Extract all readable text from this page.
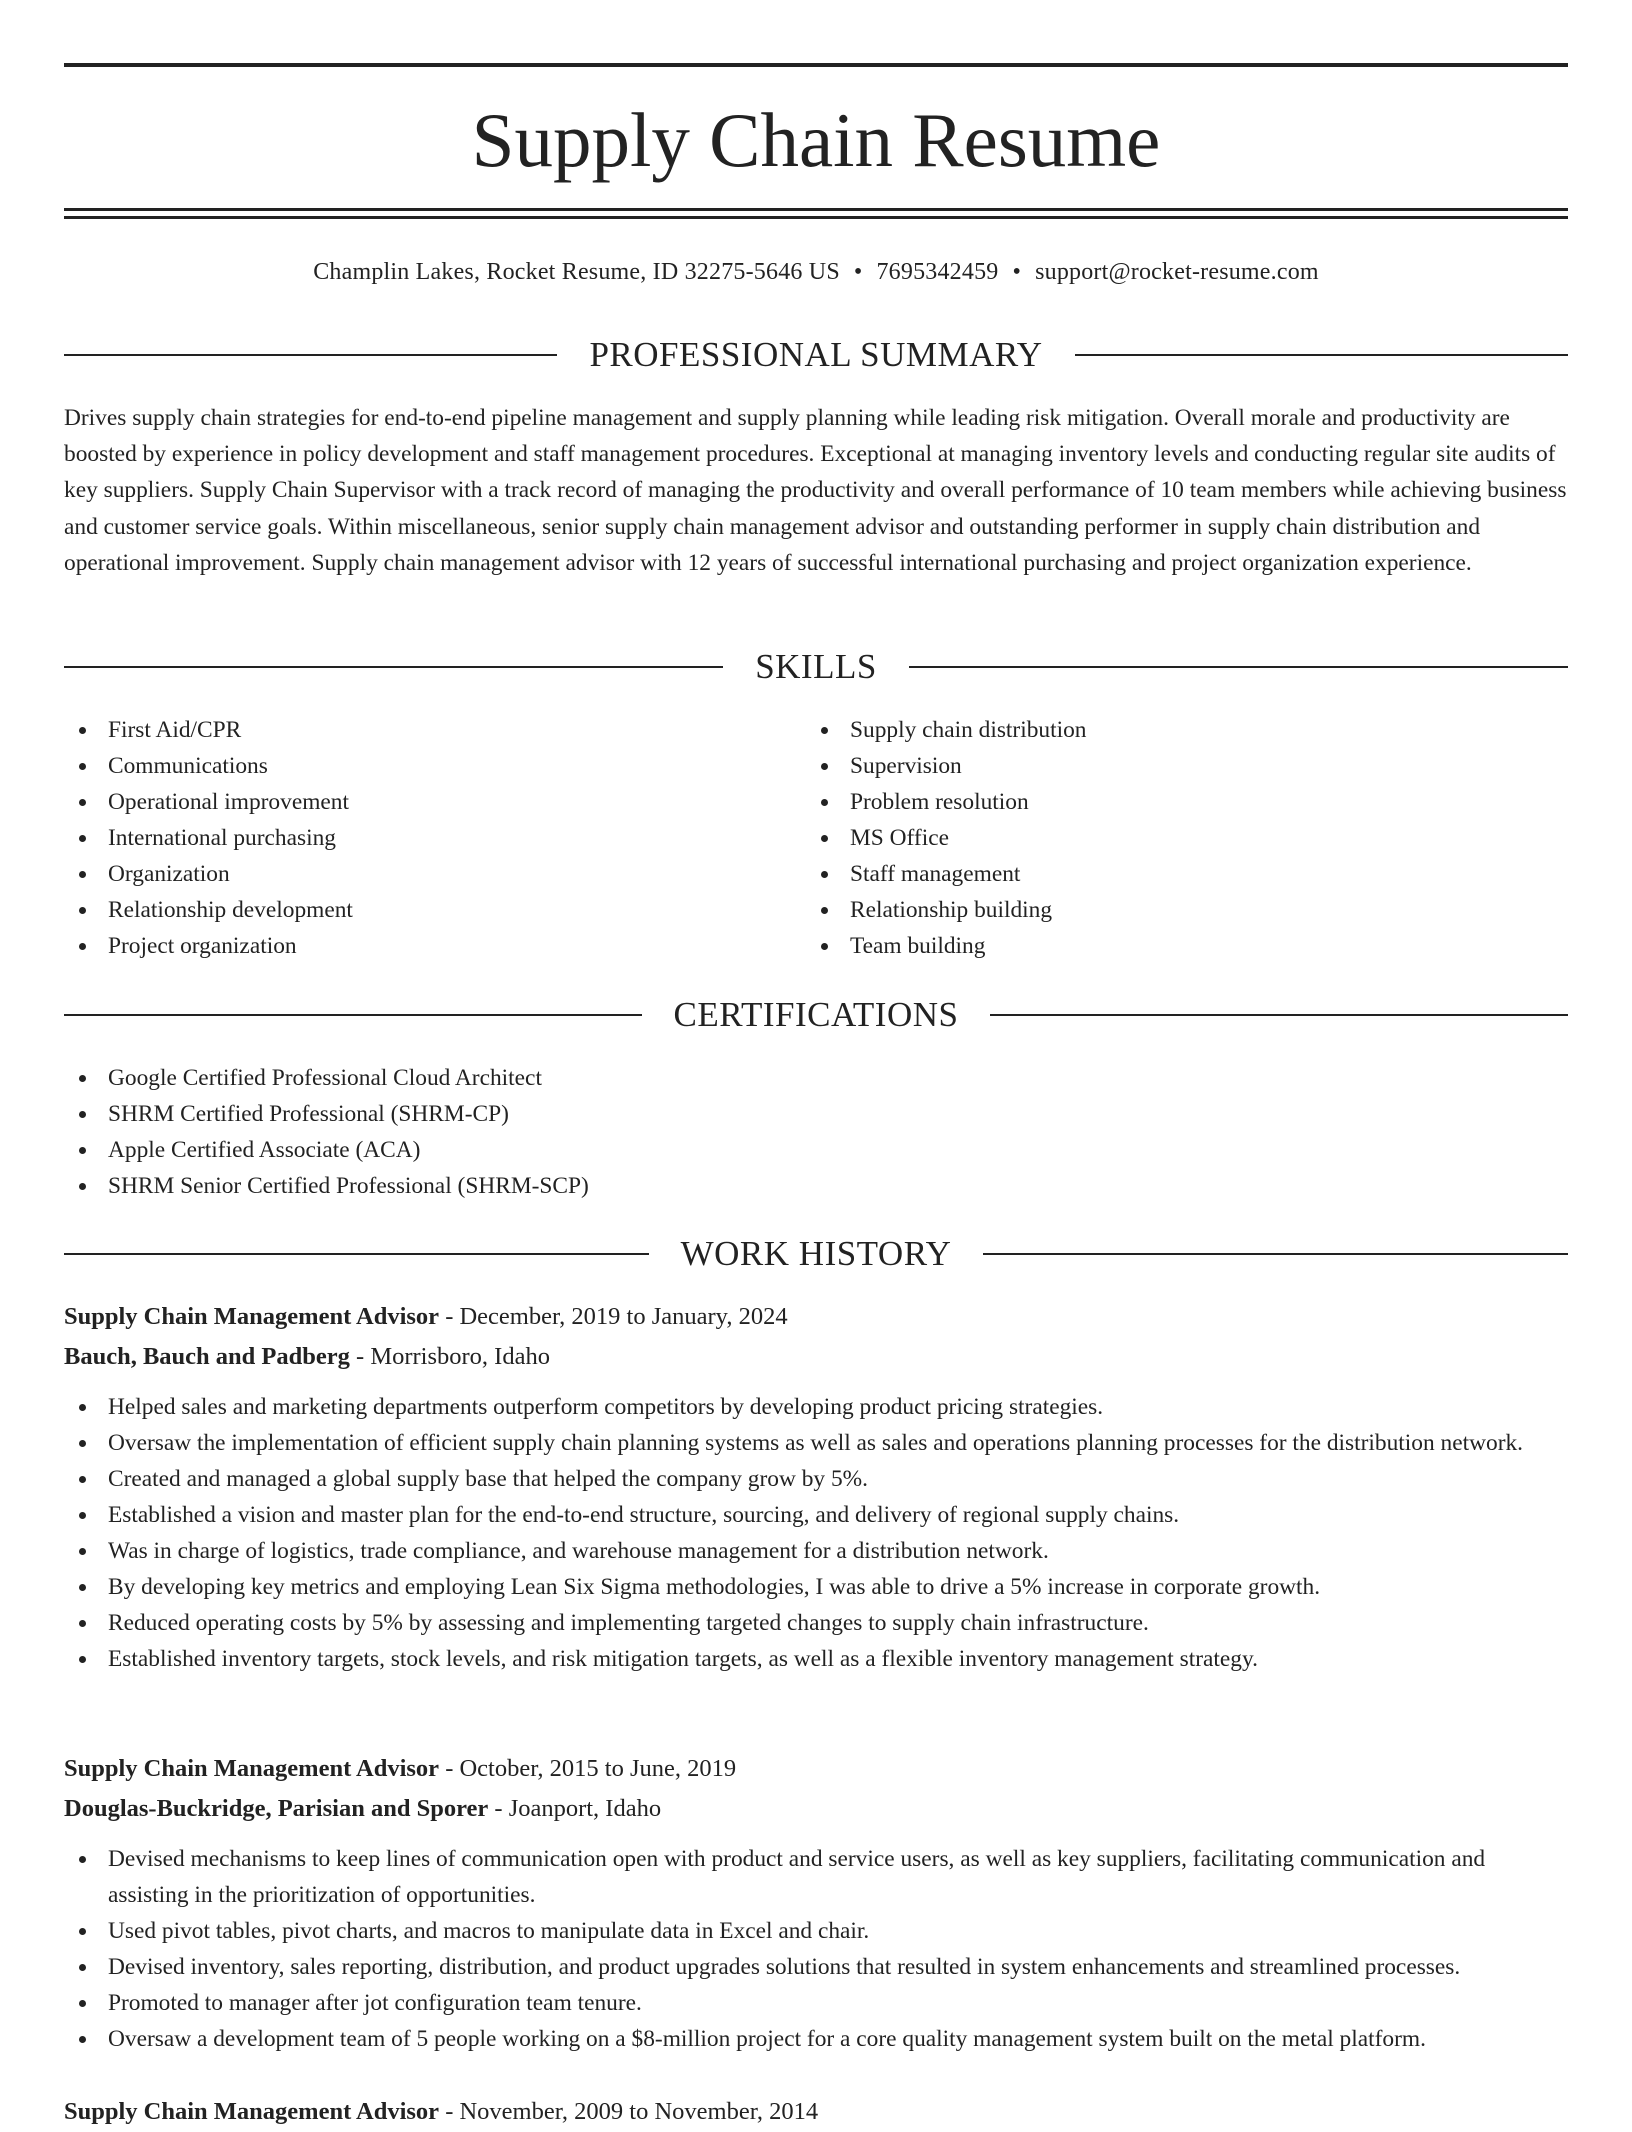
Supply Chain Resume
Champlin Lakes, Rocket Resume, ID 32275-5646 US • 7695342459 • support@rocket-resume.com
PROFESSIONAL SUMMARY

Drives supply chain strategies for end-to-end pipeline management and supply planning while leading risk mitigation. Overall morale and productivity are boosted by experience in policy development and staff management procedures. Exceptional at managing inventory levels and conducting regular site audits of key suppliers. Supply Chain Supervisor with a track record of managing the productivity and overall performance of 10 team members while achieving business and customer service goals. Within miscellaneous, senior supply chain management advisor and outstanding performer in supply chain distribution and operational improvement. Supply chain management advisor with 12 years of successful international purchasing and project organization experience.

SKILLS
First Aid/CPR
Communications
Operational improvement
International purchasing
Organization
Relationship development
Project organization
Supply chain distribution
Supervision
Problem resolution
MS Office
Staff management
Relationship building
Team building
CERTIFICATIONS
Google Certified Professional Cloud Architect
SHRM Certified Professional (SHRM-CP)
Apple Certified Associate (ACA)
SHRM Senior Certified Professional (SHRM-SCP)
WORK HISTORY
Supply Chain Management Advisor - December, 2019 to January, 2024
Bauch, Bauch and Padberg - Morrisboro, Idaho
Helped sales and marketing departments outperform competitors by developing product pricing strategies.
Oversaw the implementation of efficient supply chain planning systems as well as sales and operations planning processes for the distribution network.
Created and managed a global supply base that helped the company grow by 5%.
Established a vision and master plan for the end-to-end structure, sourcing, and delivery of regional supply chains.
Was in charge of logistics, trade compliance, and warehouse management for a distribution network.
By developing key metrics and employing Lean Six Sigma methodologies, I was able to drive a 5% increase in corporate growth.
Reduced operating costs by 5% by assessing and implementing targeted changes to supply chain infrastructure.
Established inventory targets, stock levels, and risk mitigation targets, as well as a flexible inventory management strategy.
Supply Chain Management Advisor - October, 2015 to June, 2019
Douglas-Buckridge, Parisian and Sporer - Joanport, Idaho
Devised mechanisms to keep lines of communication open with product and service users, as well as key suppliers, facilitating communication and assisting in the prioritization of opportunities.
Used pivot tables, pivot charts, and macros to manipulate data in Excel and chair.
Devised inventory, sales reporting, distribution, and product upgrades solutions that resulted in system enhancements and streamlined processes.
Promoted to manager after jot configuration team tenure.
Oversaw a development team of 5 people working on a $8-million project for a core quality management system built on the metal platform.
Supply Chain Management Advisor - November, 2009 to November, 2014
